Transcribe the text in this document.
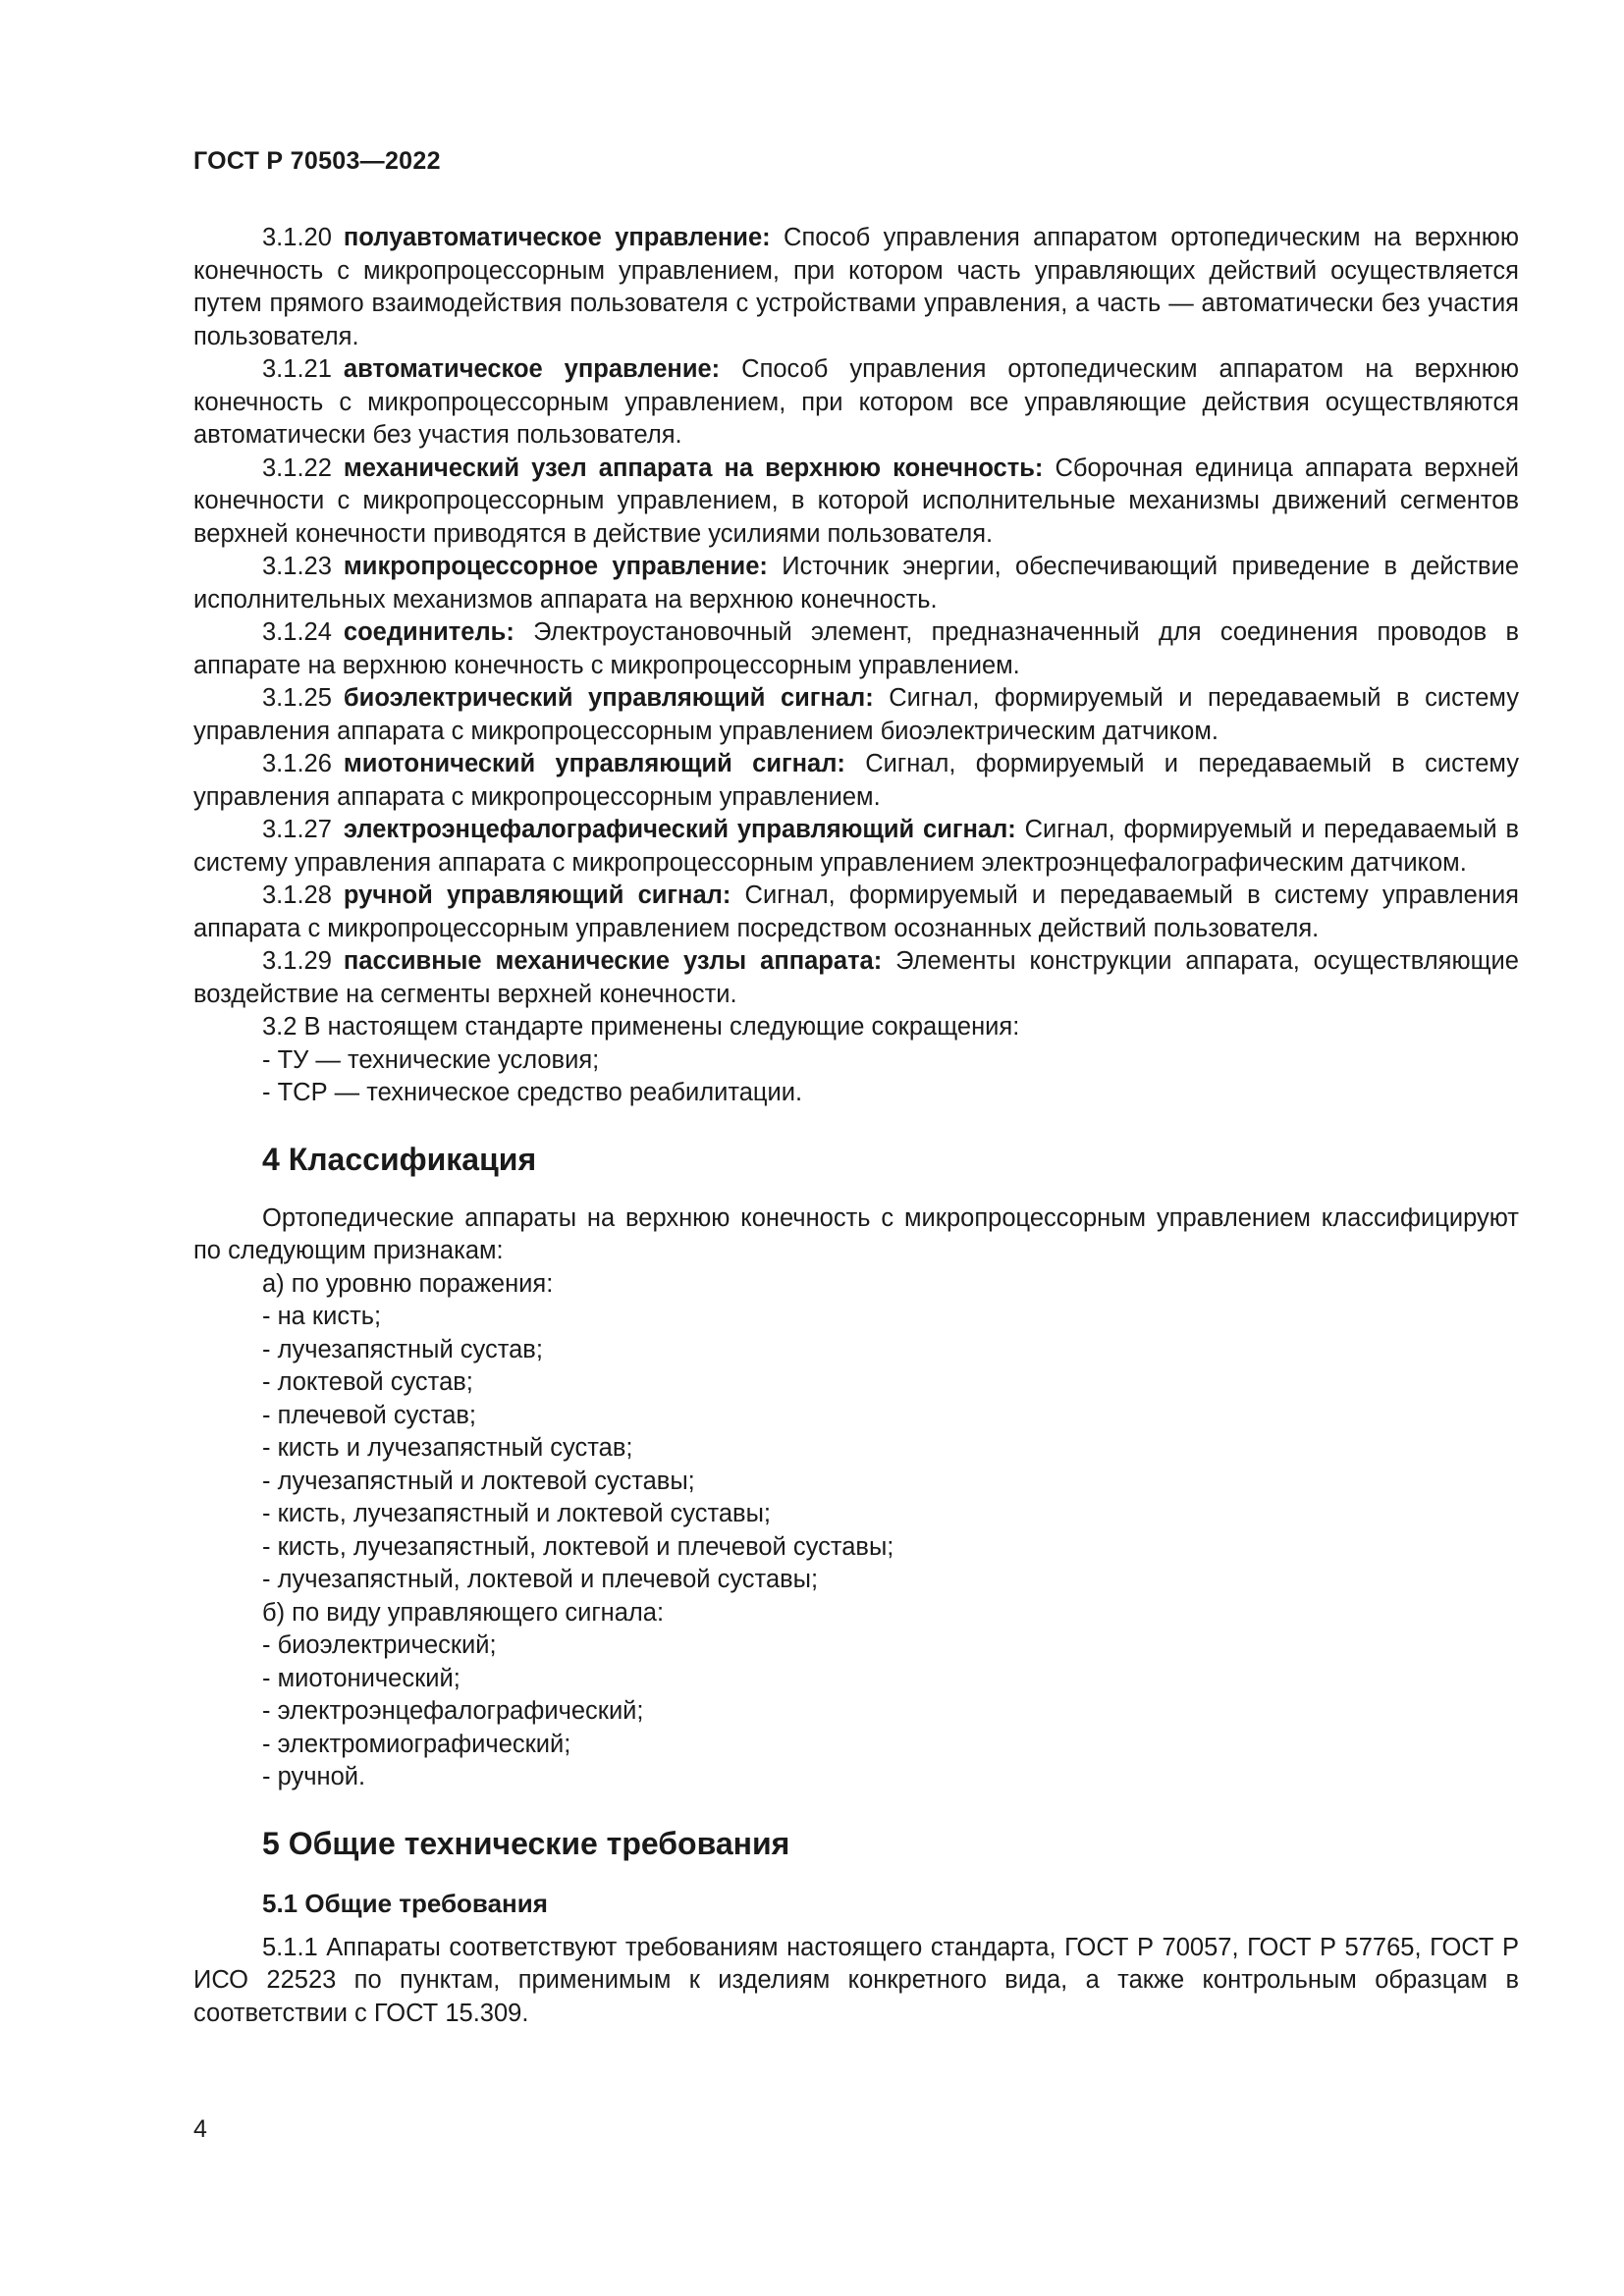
ГОСТ Р 70503—2022

3.1.20 полуавтоматическое управление: Способ управления аппаратом ортопедическим на верхнюю конечность с микропроцессорным управлением, при котором часть управляющих действий осуществляется путем прямого взаимодействия пользователя с устройствами управления, а часть — автоматически без участия пользователя.

3.1.21 автоматическое управление: Способ управления ортопедическим аппаратом на верхнюю конечность с микропроцессорным управлением, при котором все управляющие действия осуществляются автоматически без участия пользователя.

3.1.22 механический узел аппарата на верхнюю конечность: Сборочная единица аппарата верхней конечности с микропроцессорным управлением, в которой исполнительные механизмы движений сегментов верхней конечности приводятся в действие усилиями пользователя.

3.1.23 микропроцессорное управление: Источник энергии, обеспечивающий приведение в действие исполнительных механизмов аппарата на верхнюю конечность.

3.1.24 соединитель: Электроустановочный элемент, предназначенный для соединения проводов в аппарате на верхнюю конечность с микропроцессорным управлением.

3.1.25 биоэлектрический управляющий сигнал: Сигнал, формируемый и передаваемый в систему управления аппарата с микропроцессорным управлением биоэлектрическим датчиком.

3.1.26 миотонический управляющий сигнал: Сигнал, формируемый и передаваемый в систему управления аппарата с микропроцессорным управлением.

3.1.27 электроэнцефалографический управляющий сигнал: Сигнал, формируемый и передаваемый в систему управления аппарата с микропроцессорным управлением электроэнцефалографическим датчиком.

3.1.28 ручной управляющий сигнал: Сигнал, формируемый и передаваемый в систему управления аппарата с микропроцессорным управлением посредством осознанных действий пользователя.

3.1.29 пассивные механические узлы аппарата: Элементы конструкции аппарата, осуществляющие воздействие на сегменты верхней конечности.

3.2 В настоящем стандарте применены следующие сокращения:

- ТУ — технические условия;

- ТСР — техническое средство реабилитации.

4 Классификация

Ортопедические аппараты на верхнюю конечность с микропроцессорным управлением классифицируют по следующим признакам:

а) по уровню поражения:

- на кисть;

- лучезапястный сустав;

- локтевой сустав;

- плечевой сустав;

- кисть и лучезапястный сустав;

- лучезапястный и локтевой суставы;

- кисть, лучезапястный и локтевой суставы;

- кисть, лучезапястный, локтевой и плечевой суставы;

- лучезапястный, локтевой и плечевой суставы;

б) по виду управляющего сигнала:

- биоэлектрический;

- миотонический;

- электроэнцефалографический;

- электромиографический;

- ручной.

5 Общие технические требования
5.1 Общие требования

5.1.1 Аппараты соответствуют требованиям настоящего стандарта, ГОСТ Р 70057, ГОСТ Р 57765, ГОСТ Р ИСО 22523 по пунктам, применимым к изделиям конкретного вида, а также контрольным образцам в соответствии с ГОСТ 15.309.

4
